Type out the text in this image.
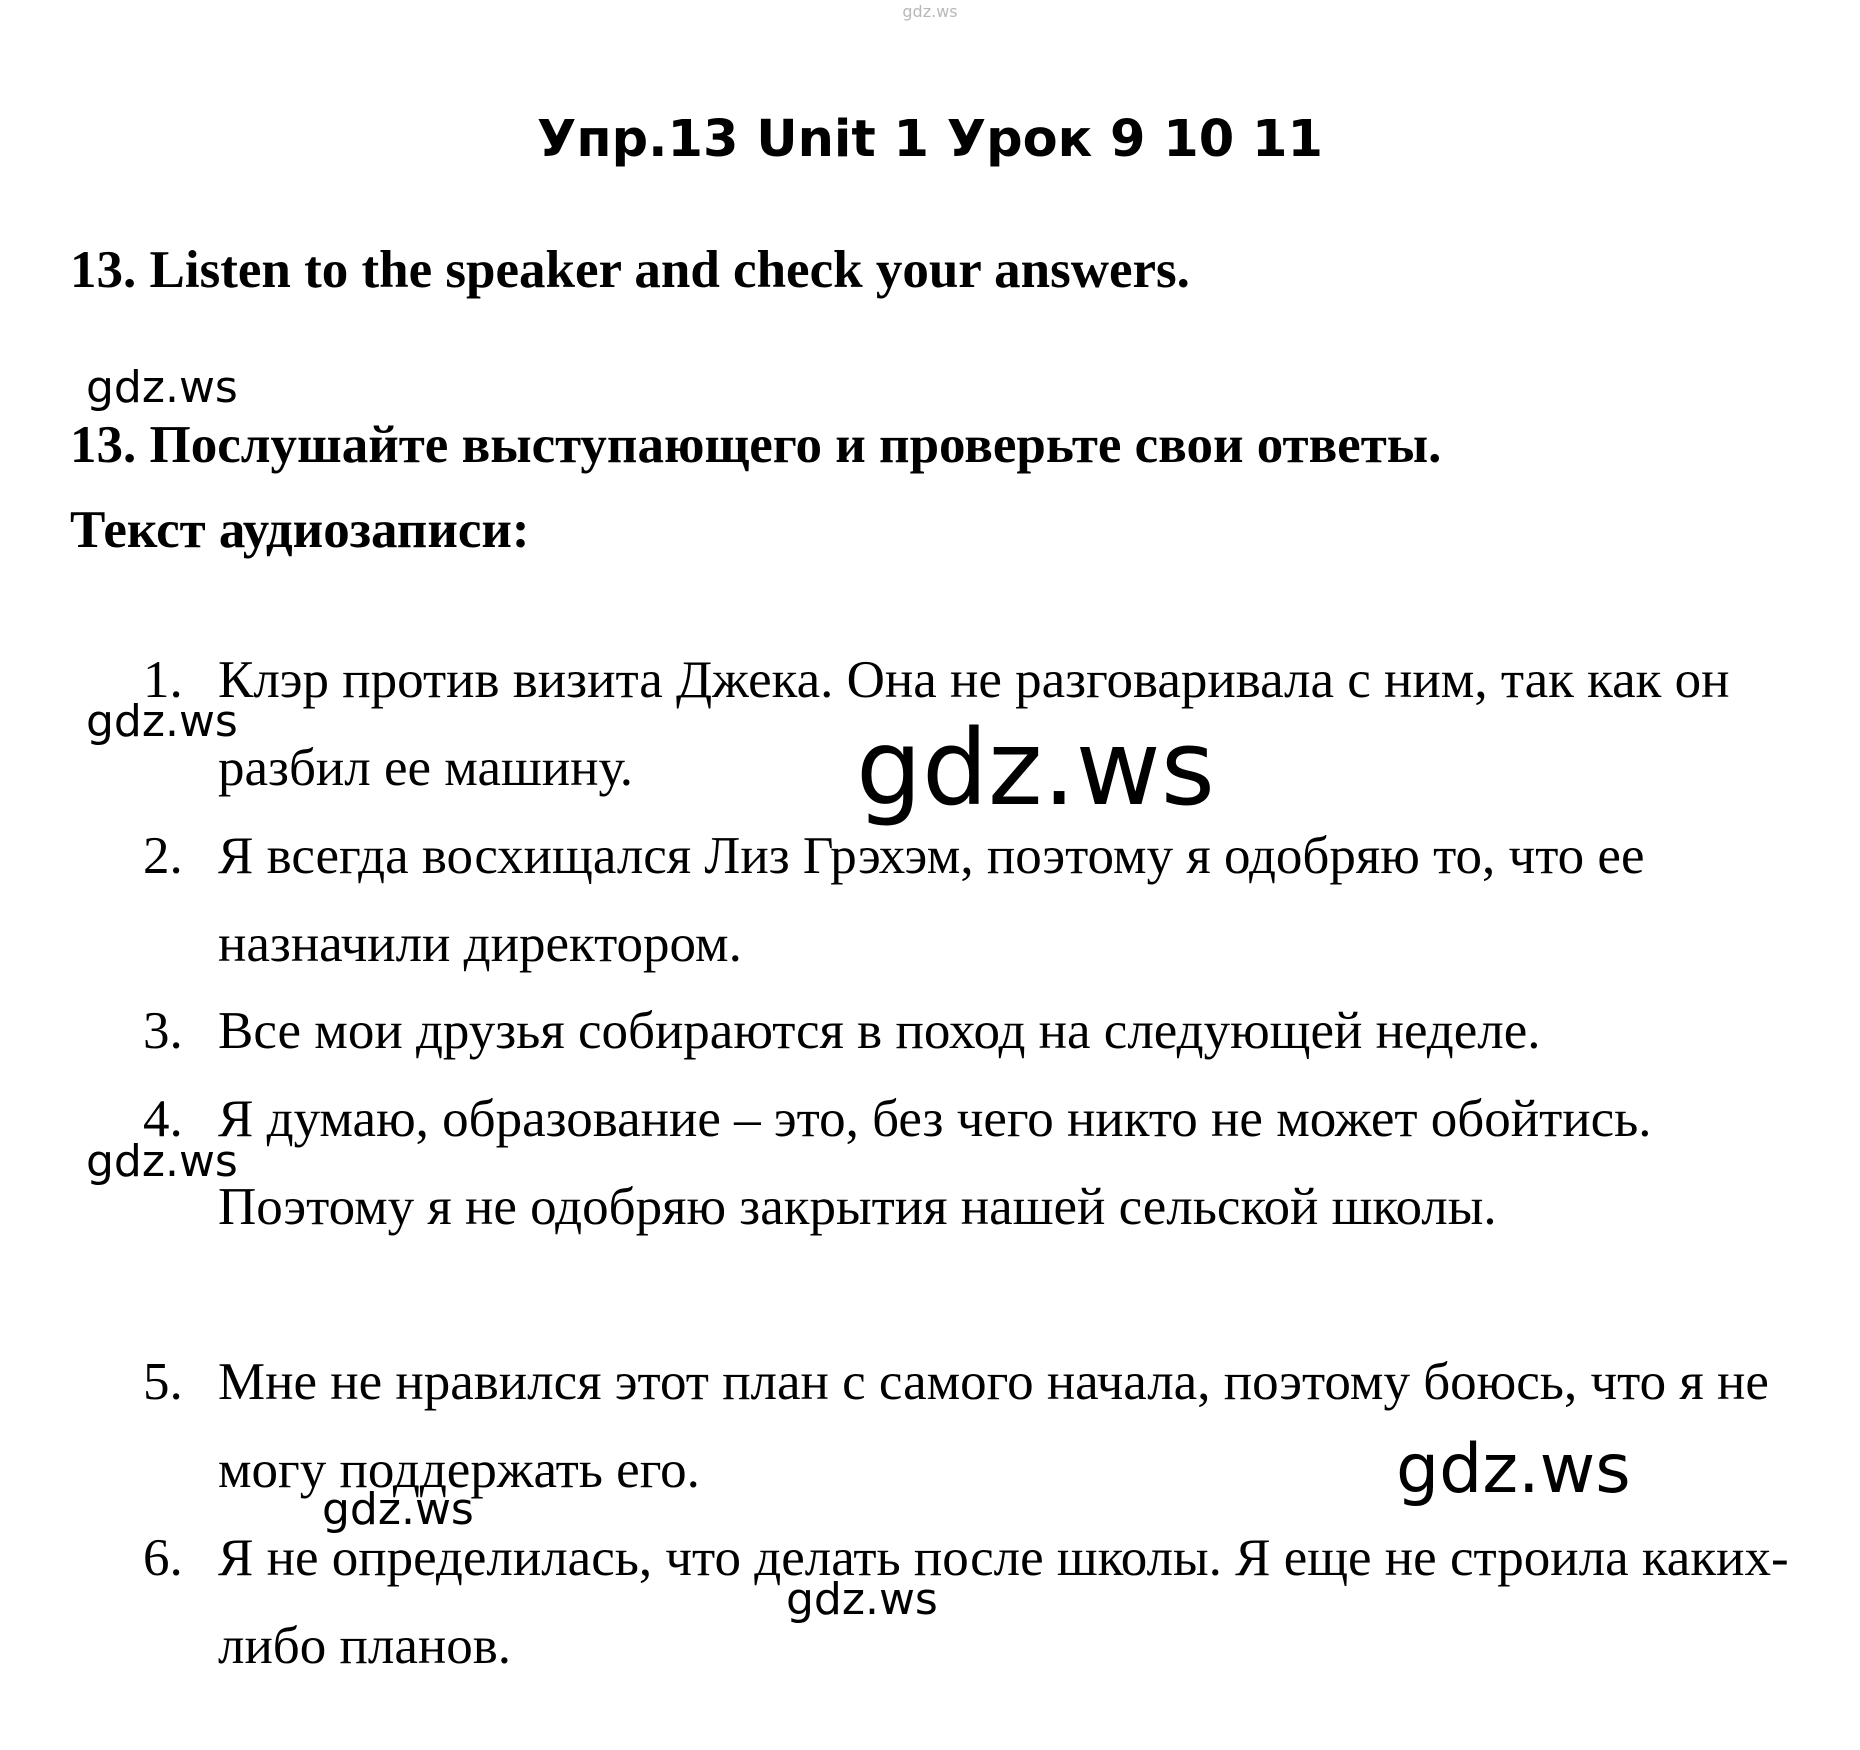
gdz.ws
Упр.13 Unit 1 Урок 9 10 11
13. Listen to the speaker and check your answers.
13. Послушайте выступающего и проверьте свои ответы.
Текст аудиозаписи:
1. Клэр против визита Джека. Она не разговаривала с ним, так как он разбил ее машину.
2. Я всегда восхищался Лиз Грэхэм, поэтому я одобряю то, что ее назначили директором.
3. Все мои друзья собираются в поход на следующей неделе.
4. Я думаю, образование – это, без чего никто не может обойтись. Поэтому я не одобряю закрытия нашей сельской школы.
5. Мне не нравился этот план с самого начала, поэтому боюсь, что я не могу поддержать его.
6. Я не определилась, что делать после школы. Я еще не строила каких-либо планов.
gdz.ws
gdz.ws	gdz.ws
gdz.ws
gdz.ws
gdz.ws
gdz.ws
